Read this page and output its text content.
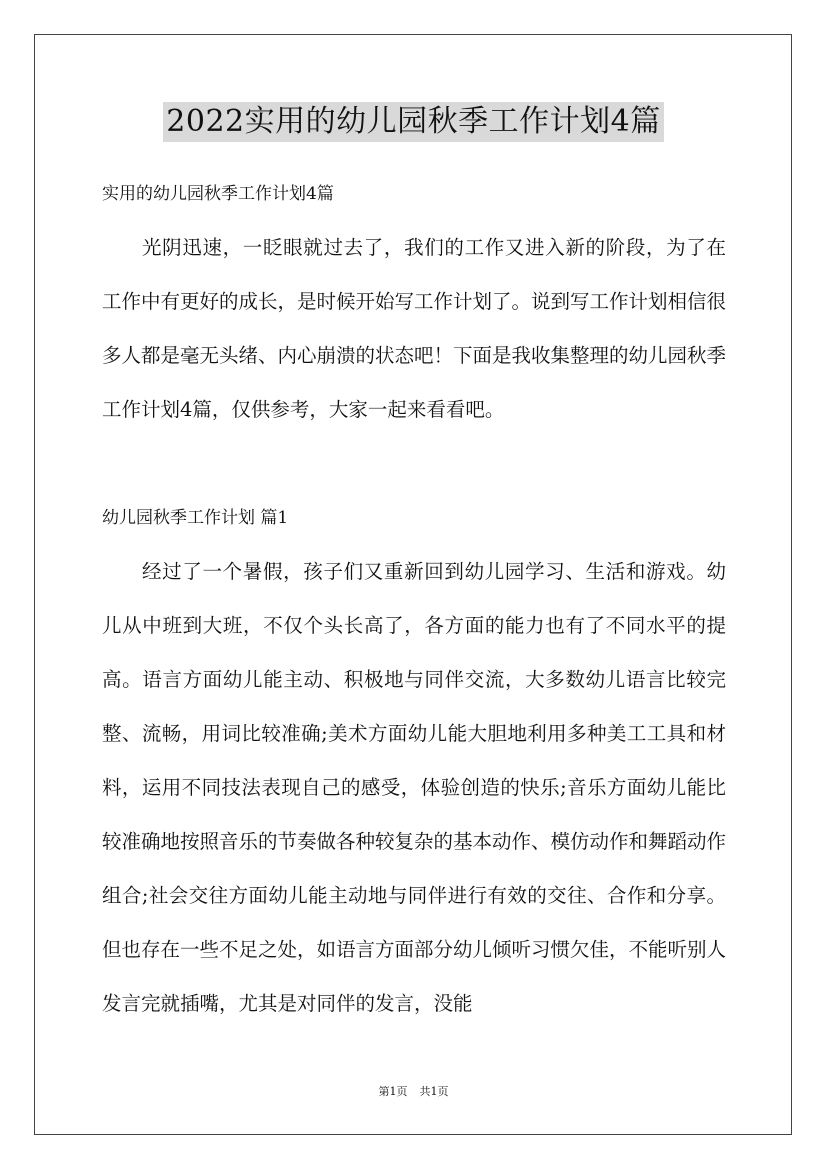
2022实用的幼儿园秋季工作计划4篇

实用的幼儿园秋季工作计划4篇

光阴迅速，一眨眼就过去了，我们的工作又进入新的阶段，为了在工作中有更好的成长，是时候开始写工作计划了。说到写工作计划相信很多人都是毫无头绪、内心崩溃的状态吧！下面是我收集整理的幼儿园秋季工作计划4篇，仅供参考，大家一起来看看吧。

幼儿园秋季工作计划 篇1

经过了一个暑假，孩子们又重新回到幼儿园学习、生活和游戏。幼儿从中班到大班，不仅个头长高了，各方面的能力也有了不同水平的提高。语言方面幼儿能主动、积极地与同伴交流，大多数幼儿语言比较完整、流畅，用词比较准确;美术方面幼儿能大胆地利用多种美工工具和材料，运用不同技法表现自己的感受，体验创造的快乐;音乐方面幼儿能比较准确地按照音乐的节奏做各种较复杂的基本动作、模仿动作和舞蹈动作组合;社会交往方面幼儿能主动地与同伴进行有效的交往、合作和分享。但也存在一些不足之处，如语言方面部分幼儿倾听习惯欠佳，不能听别人发言完就插嘴，尤其是对同伴的发言，没能

第1页 共1页
